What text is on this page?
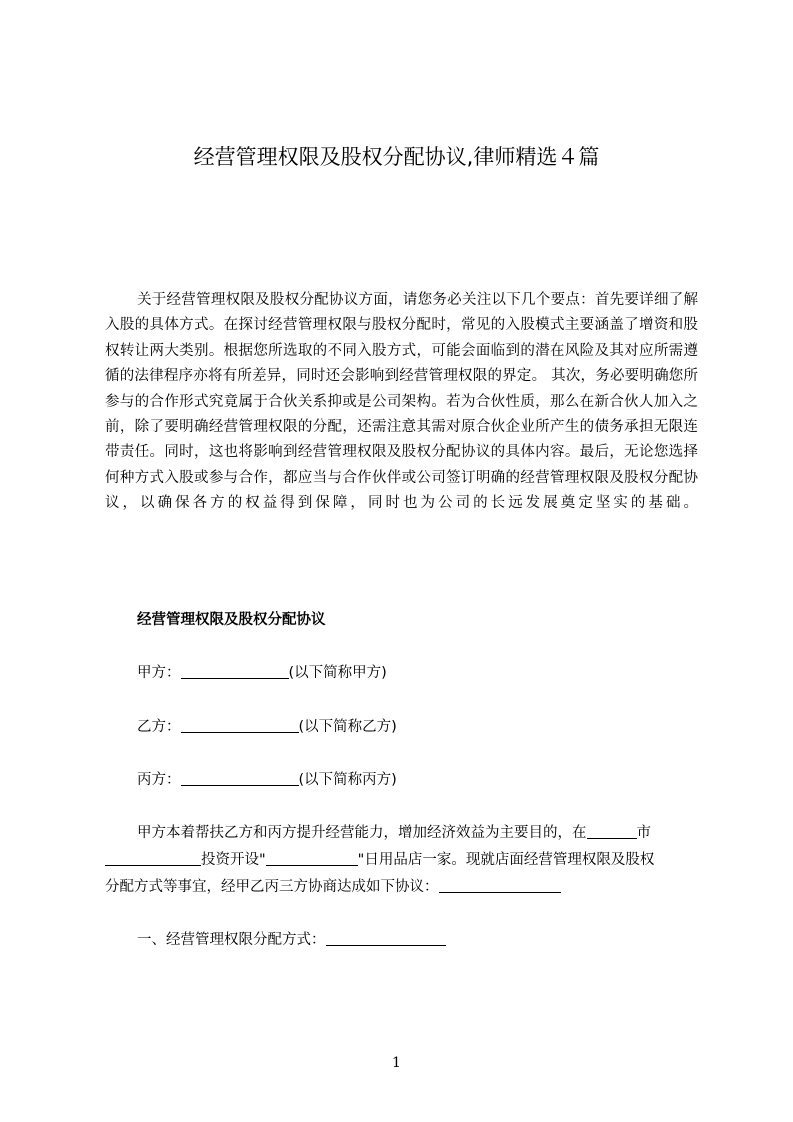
经营管理权限及股权分配协议,律师精选４篇
关于经营管理权限及股权分配协议方面，请您务必关注以下几个要点：首先要详细了解入股的具体方式。在探讨经营管理权限与股权分配时，常见的入股模式主要涵盖了增资和股权转让两大类别。根据您所选取的不同入股方式，可能会面临到的潜在风险及其对应所需遵循的法律程序亦将有所差异，同时还会影响到经营管理权限的界定。 其次，务必要明确您所参与的合作形式究竟属于合伙关系抑或是公司架构。若为合伙性质，那么在新合伙人加入之前，除了要明确经营管理权限的分配，还需注意其需对原合伙企业所产生的债务承担无限连带责任。同时，这也将影响到经营管理权限及股权分配协议的具体内容。最后，无论您选择何种方式入股或参与合作，都应当与合作伙伴或公司签订明确的经营管理权限及股权分配协议，以确保各方的权益得到保障，同时也为公司的长远发展奠定坚实的基础。
经营管理权限及股权分配协议
甲方：	(以下简称甲方)
乙方：	(以下简称乙方)
丙方：	(以下简称丙方)
甲方本着帮扶乙方和丙方提升经营能力，增加经济效益为主要目的，在	市
投资开设"	"日用品店一家。现就店面经营管理权限及股权
分配方式等事宜，经甲乙丙三方协商达成如下协议：
一、经营管理权限分配方式：
1
